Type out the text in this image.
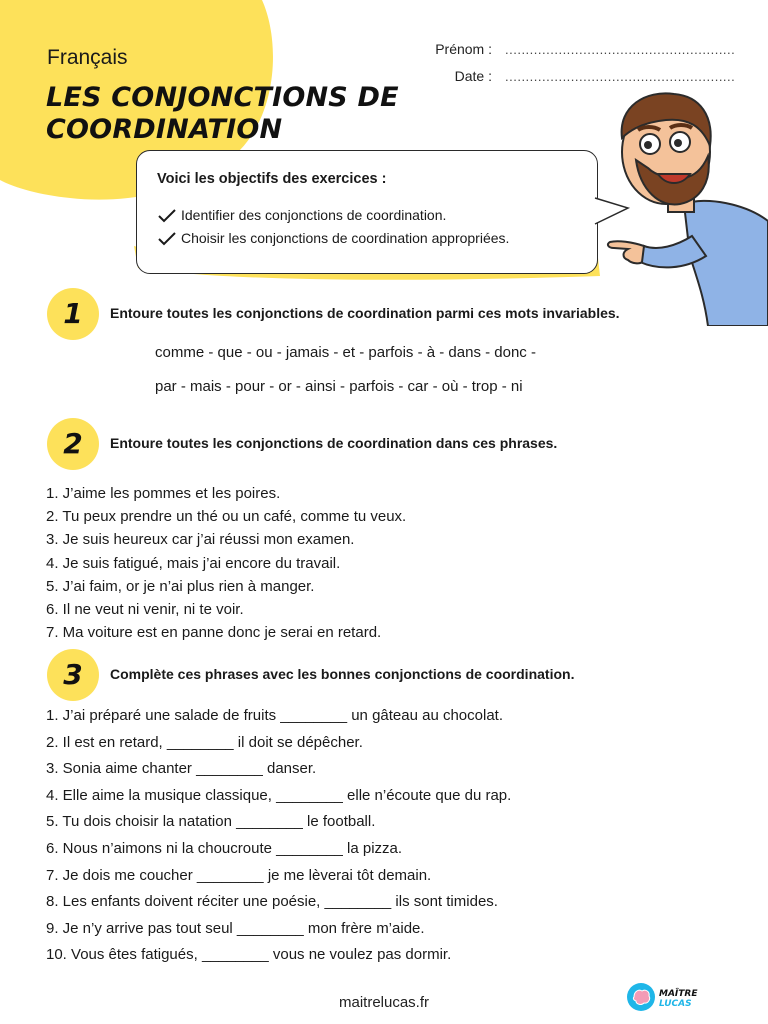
Français
LES CONJONCTIONS DE
COORDINATION
Prénom : ........................................................
Date : ........................................................
Voici les objectifs des exercices :
Identifier des conjonctions de coordination.
Choisir les conjonctions de coordination appropriées.
1	Entoure toutes les conjonctions de coordination parmi ces mots invariables.
comme - que - ou - jamais - et - parfois - à - dans - donc -
par - mais - pour - or - ainsi - parfois - car - où - trop - ni
2	Entoure toutes les conjonctions de coordination dans ces phrases.
1. J’aime les pommes et les poires.
2. Tu peux prendre un thé ou un café, comme tu veux.
3. Je suis heureux car j’ai réussi mon examen.
4. Je suis fatigué, mais j’ai encore du travail.
5. J’ai faim, or je n’ai plus rien à manger.
6. Il ne veut ni venir, ni te voir.
7. Ma voiture est en panne donc je serai en retard.
3	Complète ces phrases avec les bonnes conjonctions de coordination.
1. J’ai préparé une salade de fruits ________ un gâteau au chocolat.
2. Il est en retard, ________ il doit se dépêcher.
3. Sonia aime chanter ________ danser.
4. Elle aime la musique classique, ________ elle n’écoute que du rap.
5. Tu dois choisir la natation ________ le football.
6. Nous n’aimons ni la choucroute ________ la pizza.
7. Je dois me coucher ________ je me lèverai tôt demain.
8. Les enfants doivent réciter une poésie, ________ ils sont timides.
9. Je n’y arrive pas tout seul ________ mon frère m’aide.
10. Vous êtes fatigués, ________ vous ne voulez pas dormir.
maitrelucas.fr	MAÎTRE
LUCAS
